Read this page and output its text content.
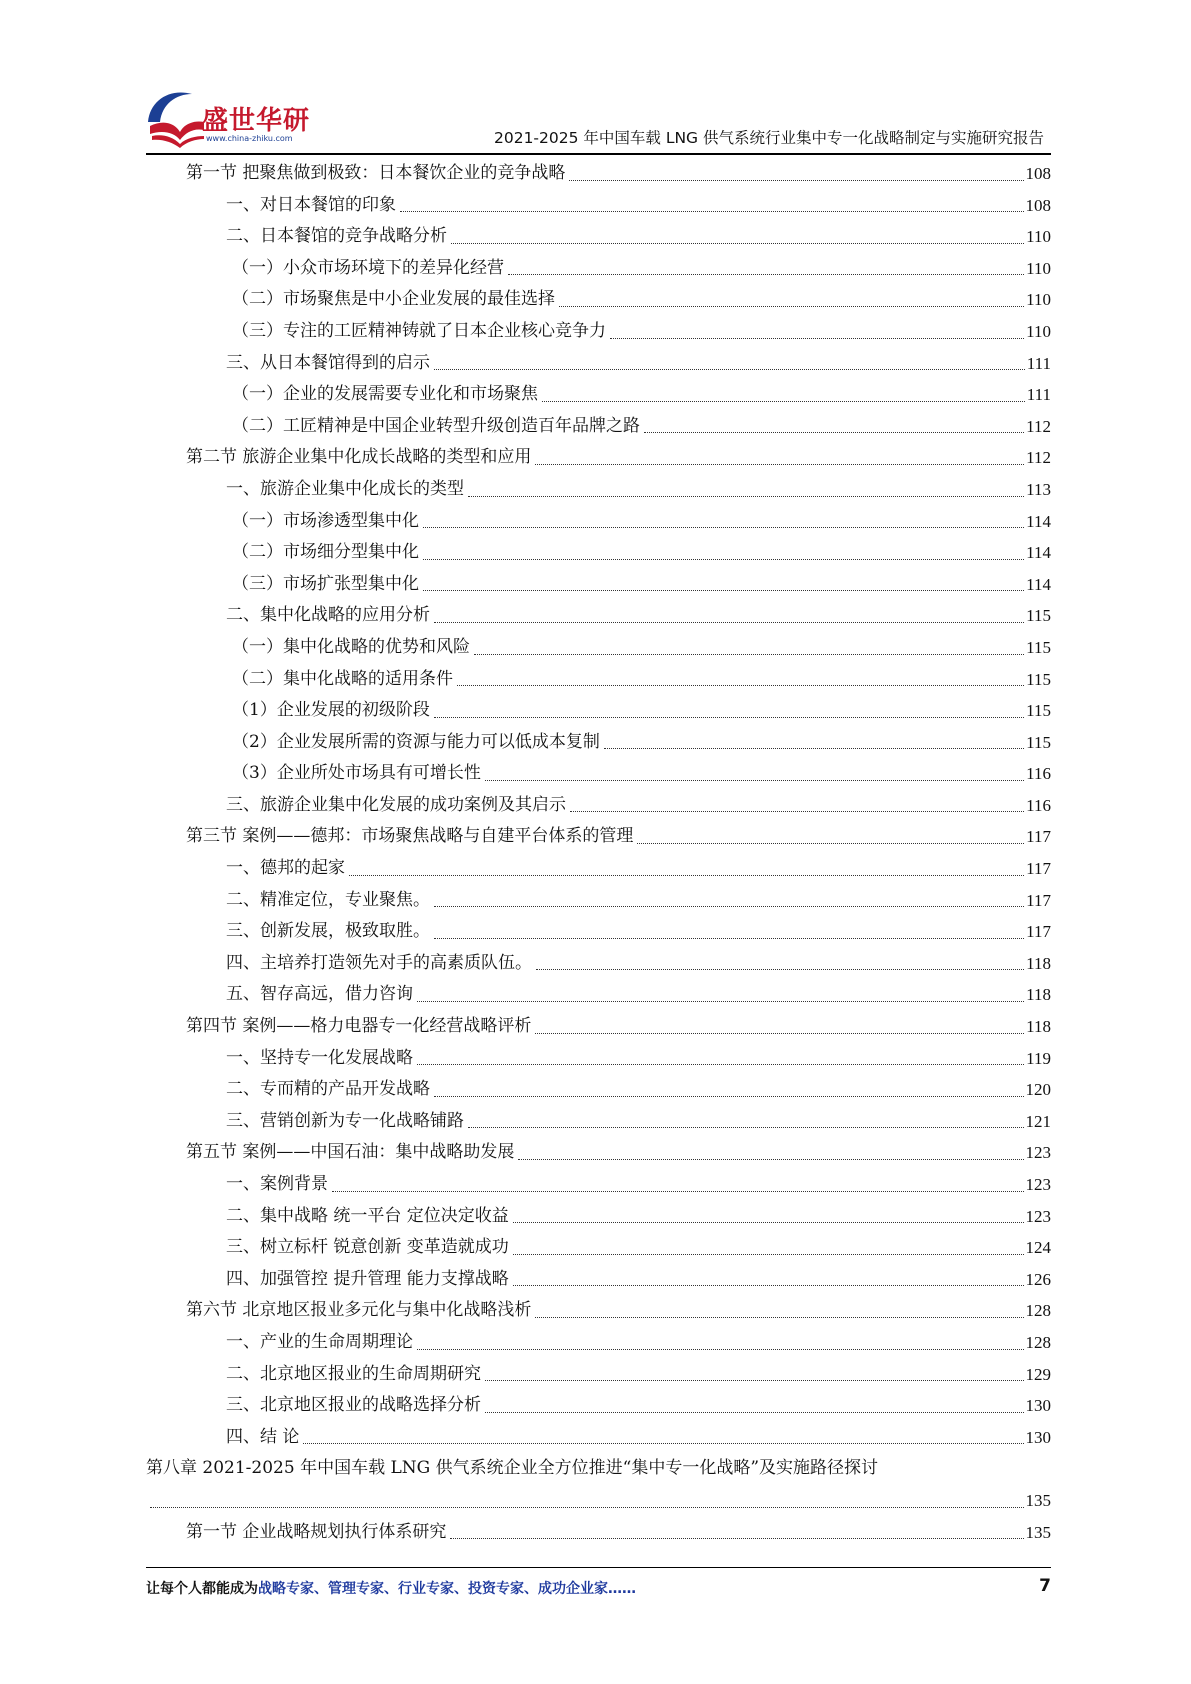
盛世华研
www.china-zhiku.com	2021-2025 年中国车载 LNG 供气系统行业集中专一化战略制定与实施研究报告
第一节 把聚焦做到极致：日本餐饮企业的竞争战略	108
一、对日本餐馆的印象	108
二、日本餐馆的竞争战略分析	110
（一）小众市场环境下的差异化经营	110
（二）市场聚焦是中小企业发展的最佳选择	110
（三）专注的工匠精神铸就了日本企业核心竞争力	110
三、从日本餐馆得到的启示	111
（一）企业的发展需要专业化和市场聚焦	111
（二）工匠精神是中国企业转型升级创造百年品牌之路	112
第二节 旅游企业集中化成长战略的类型和应用	112
一、旅游企业集中化成长的类型	113
（一）市场渗透型集中化	114
（二）市场细分型集中化	114
（三）市场扩张型集中化	114
二、集中化战略的应用分析	115
（一）集中化战略的优势和风险	115
（二）集中化战略的适用条件	115
（1）企业发展的初级阶段	115
（2）企业发展所需的资源与能力可以低成本复制	115
（3）企业所处市场具有可增长性	116
三、旅游企业集中化发展的成功案例及其启示	116
第三节 案例——德邦：市场聚焦战略与自建平台体系的管理	117
一、德邦的起家	117
二、精准定位，专业聚焦。	117
三、创新发展，极致取胜。	117
四、主培养打造领先对手的高素质队伍。	118
五、智存高远，借力咨询	118
第四节 案例——格力电器专一化经营战略评析	118
一、坚持专一化发展战略	119
二、专而精的产品开发战略	120
三、营销创新为专一化战略铺路	121
第五节 案例——中国石油：集中战略助发展	123
一、案例背景	123
二、集中战略 统一平台 定位决定收益	123
三、树立标杆 锐意创新 变革造就成功	124
四、加强管控 提升管理 能力支撑战略	126
第六节 北京地区报业多元化与集中化战略浅析	128
一、产业的生命周期理论	128
二、北京地区报业的生命周期研究	129
三、北京地区报业的战略选择分析	130
四、结 论	130
第八章 2021-2025 年中国车载 LNG 供气系统企业全方位推进“集中专一化战略”及实施路径探讨
135
第一节 企业战略规划执行体系研究	135
让每个人都能成为战略专家、管理专家、行业专家、投资专家、成功企业家……	7
